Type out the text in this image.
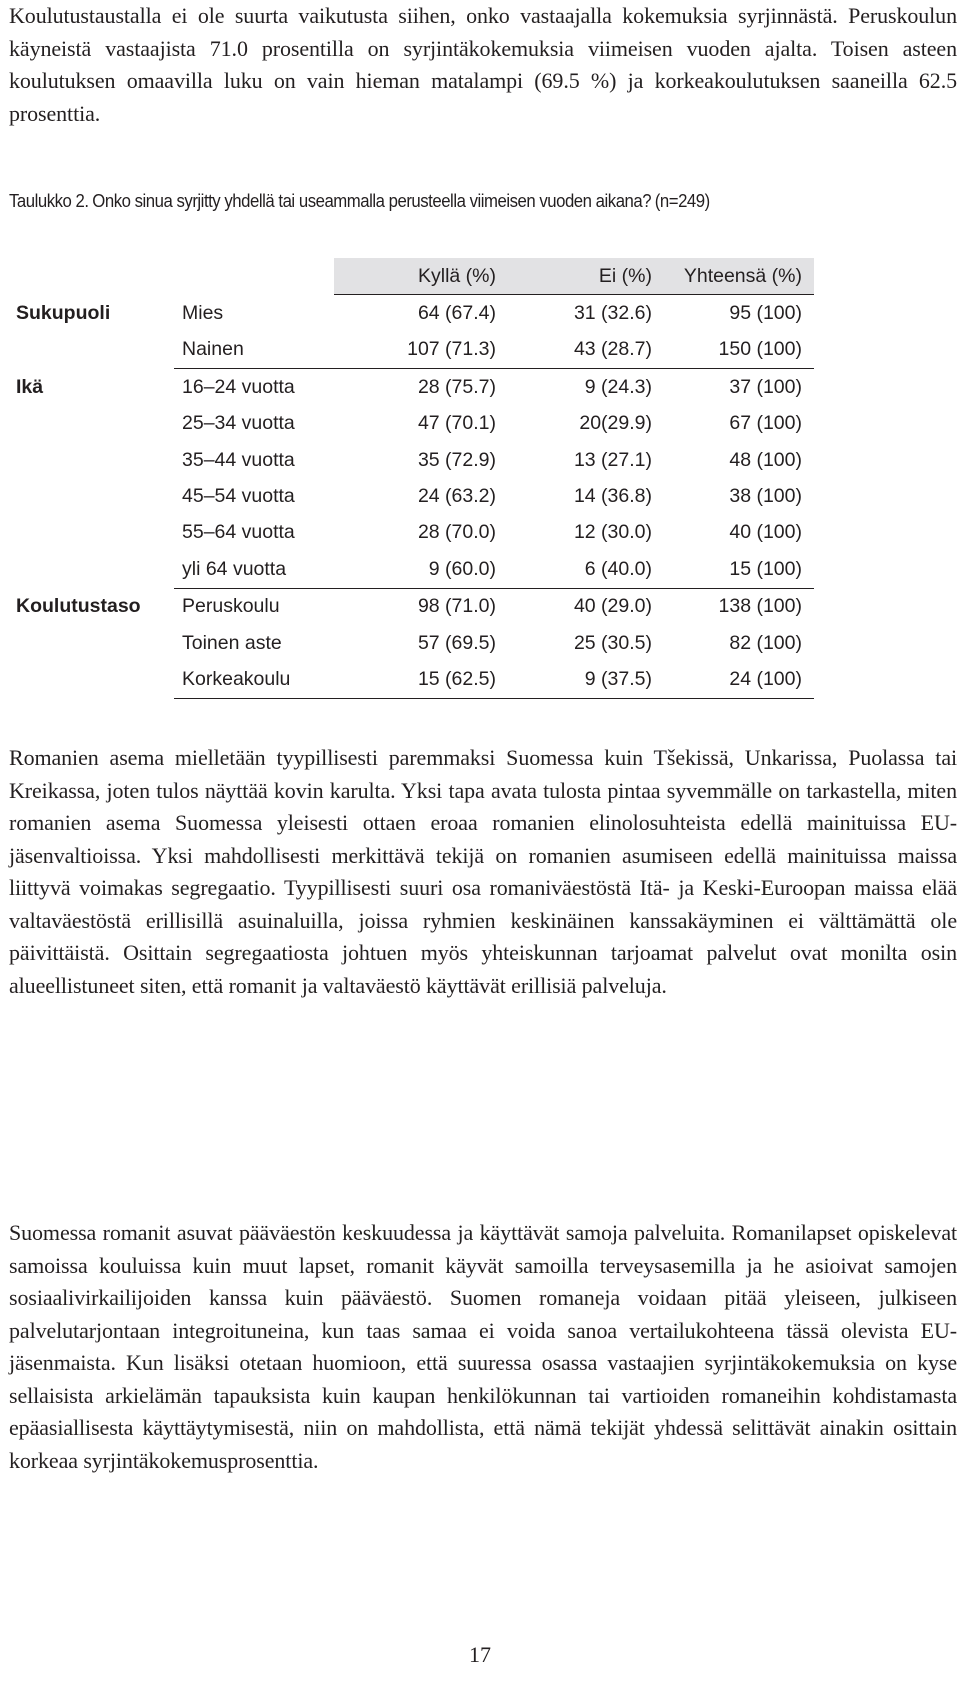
Koulutustaustalla ei ole suurta vaikutusta siihen, onko vastaajalla kokemuksia syrjinnästä. Peruskoulun käyneistä vastaajista 71.0 prosentilla on syrjintäkokemuksia viimeisen vuoden ajalta. Toisen asteen koulutuksen omaavilla luku on vain hieman matalampi (69.5 %) ja korkeakoulutuksen saaneilla 62.5 prosenttia.

Taulukko 2. Onko sinua syrjitty yhdellä tai useammalla perusteella viimeisen vuoden aikana? (n=249)

		Kyllä (%)	Ei (%)	Yhteensä (%)
Sukupuoli	Mies	64 (67.4)	31 (32.6)	95 (100)
	Nainen	107 (71.3)	43 (28.7)	150 (100)
Ikä	16–24 vuotta	28 (75.7)	9 (24.3)	37 (100)
	25–34 vuotta	47 (70.1)	20(29.9)	67 (100)
	35–44 vuotta	35 (72.9)	13 (27.1)	48 (100)
	45–54 vuotta	24 (63.2)	14 (36.8)	38 (100)
	55–64 vuotta	28 (70.0)	12 (30.0)	40 (100)
	yli 64 vuotta	9 (60.0)	6 (40.0)	15 (100)
Koulutustaso	Peruskoulu	98 (71.0)	40 (29.0)	138 (100)
	Toinen aste	57 (69.5)	25 (30.5)	82 (100)
	Korkeakoulu	15 (62.5)	9 (37.5)	24 (100)

Romanien asema mielletään tyypillisesti paremmaksi Suomessa kuin Tšekissä, Unkarissa, Puolassa tai Kreikassa, joten tulos näyttää kovin karulta. Yksi tapa avata tulosta pintaa syvemmälle on tarkastella, miten romanien asema Suomessa yleisesti ottaen eroaa romanien elinolosuhteista edellä mainituissa EU-jäsenvaltioissa. Yksi mahdollisesti merkittävä tekijä on romanien asumiseen edellä mainituissa maissa liittyvä voimakas segregaatio. Tyypillisesti suuri osa romaniväestöstä Itä- ja Keski-Euroopan maissa elää valtaväestöstä erillisillä asuinaluilla, joissa ryhmien keskinäinen kanssakäyminen ei välttämättä ole päivittäistä. Osittain segregaatiosta johtuen myös yhteiskunnan tarjoamat palvelut ovat monilta osin alueellistuneet siten, että romanit ja valtaväestö käyttävät erillisiä palveluja.

Suomessa romanit asuvat pääväestön keskuudessa ja käyttävät samoja palveluita. Romanilapset opiskelevat samoissa kouluissa kuin muut lapset, romanit käyvät samoilla terveysasemilla ja he asioivat samojen sosiaalivirkailijoiden kanssa kuin pääväestö. Suomen romaneja voidaan pitää yleiseen, julkiseen palvelutarjontaan integroituneina, kun taas samaa ei voida sanoa vertailukohteena tässä olevista EU-jäsenmaista. Kun lisäksi otetaan huomioon, että suuressa osassa vastaajien syrjintäkokemuksia on kyse sellaisista arkielämän tapauksista kuin kaupan henkilökunnan tai vartioiden romaneihin kohdistamasta epäasiallisesta käyttäytymisestä, niin on mahdollista, että nämä tekijät yhdessä selittävät ainakin osittain korkeaa syrjintäkokemusprosenttia.

17
